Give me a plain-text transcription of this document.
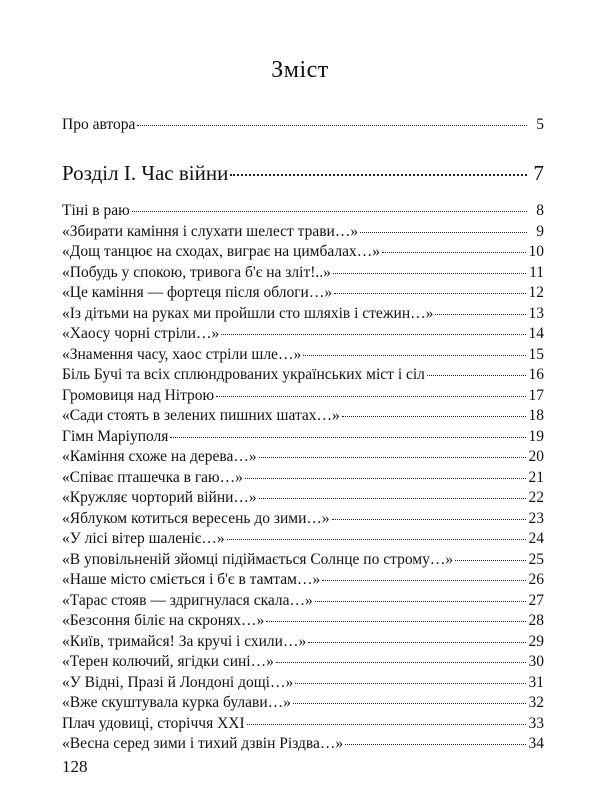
Зміст
Про автора	5
Розділ I. Час війни	7
Тіні в раю	8
«Збирати каміння і слухати шелест трави…»	9
«Дощ танцює на сходах, виграє на цимбалах…»	10
«Побудь у спокою, тривога б'є на зліт!..»	11
«Це каміння — фортеця після облоги…»	12
«Із дітьми на руках ми пройшли сто шляхів і стежин…»	13
«Хаосу чорні стріли…»	14
«Знамення часу, хаос стріли шле…»	15
Біль Бучі та всіх сплюндрованих українських міст і сіл	16
Громовиця над Нітрою	17
«Сади стоять в зелених пишних шатах…»	18
Гімн Маріуполя	19
«Каміння схоже на дерева…»	20
«Співає пташечка в гаю…»	21
«Кружляє чорторий війни…»	22
«Яблуком котиться вересень до зими…»	23
«У лісі вітер шаленіє…»	24
«В уповільненій зйомці підіймається Солнце по строму…»	25
«Наше місто сміється і б'є в тамтам…»	26
«Тарас стояв — здригнулася скала…»	27
«Безсоння біліє на скронях…»	28
«Київ, тримайся! За кручі і схили…»	29
«Терен колючий, ягідки сині…»	30
«У Відні, Празі й Лондоні дощі…»	31
«Вже скуштувала курка булави…»	32
Плач удовиці, сторіччя XXI	33
«Весна серед зими і тихий дзвін Різдва…»	34
128
